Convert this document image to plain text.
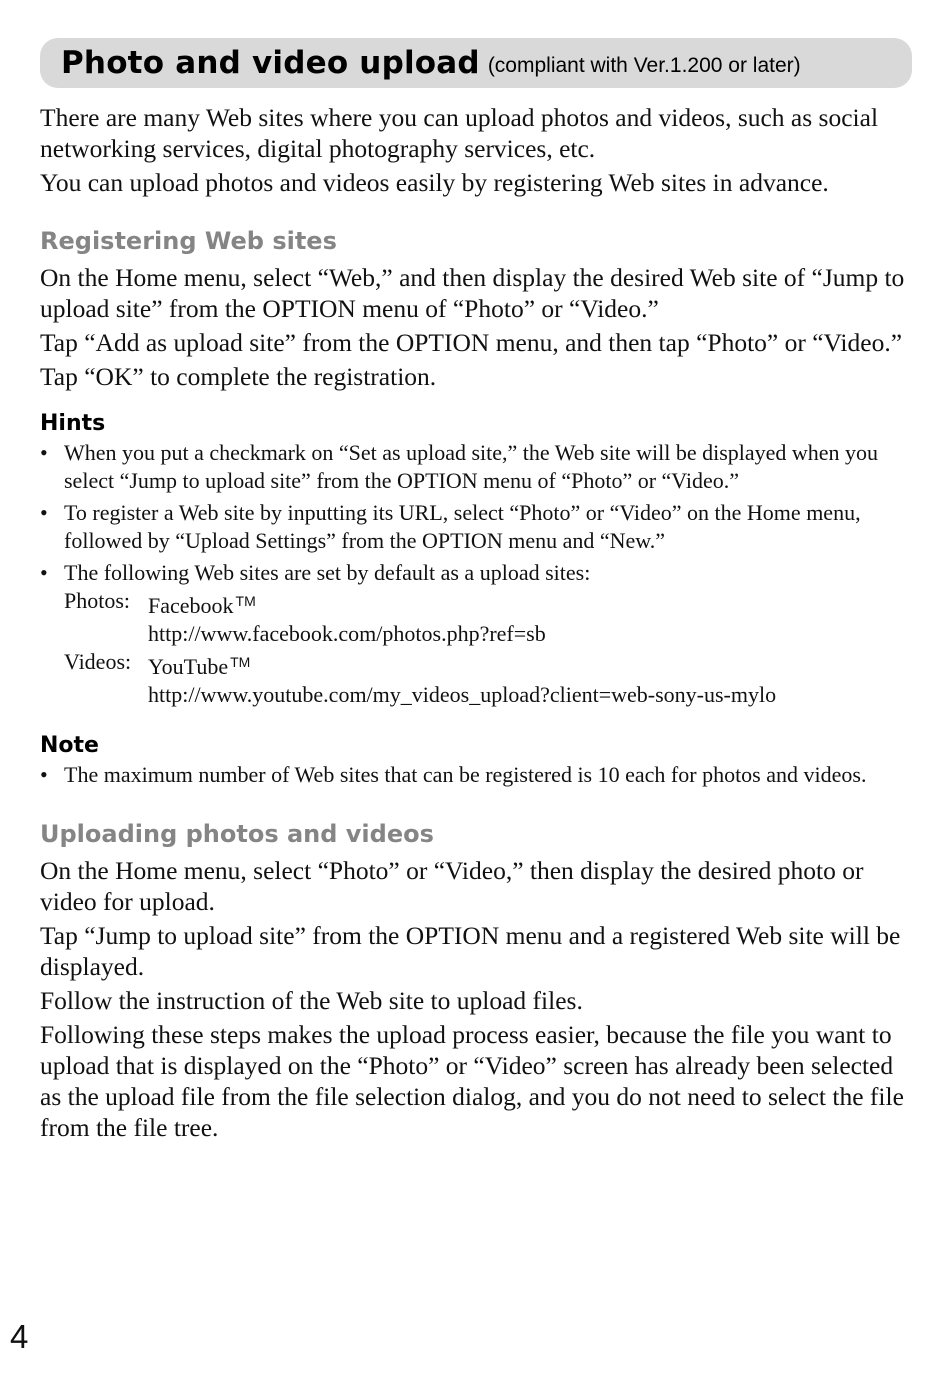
Photo and video upload (compliant with Ver.1.200 or later)

There are many Web sites where you can upload photos and videos, such as social networking services, digital photography services, etc.

You can upload photos and videos easily by registering Web sites in advance.

Registering Web sites

On the Home menu, select “Web,” and then display the desired Web site of “Jump to upload site” from the OPTION menu of “Photo” or “Video.”

Tap “Add as upload site” from the OPTION menu, and then tap “Photo” or “Video.”

Tap “OK” to complete the registration.

Hints
• When you put a checkmark on “Set as upload site,” the Web site will be displayed when you select “Jump to upload site” from the OPTION menu of “Photo” or “Video.”
• To register a Web site by inputting its URL, select “Photo” or “Video” on the Home menu, followed by “Upload Settings” from the OPTION menu and “New.”
• The following Web sites are set by default as a upload sites:
Photos: Facebook ™
http://www.facebook.com/photos.php?ref=sb
Videos: YouTube ™
http://www.youtube.com/my_videos_upload?client=web-sony-us-mylo
Note
• The maximum number of Web sites that can be registered is 10 each for photos and videos.
Uploading photos and videos

On the Home menu, select “Photo” or “Video,” then display the desired photo or video for upload.

Tap “Jump to upload site” from the OPTION menu and a registered Web site will be displayed.

Follow the instruction of the Web site to upload files.

Following these steps makes the upload process easier, because the file you want to upload that is displayed on the “Photo” or “Video” screen has already been selected as the upload file from the file selection dialog, and you do not need to select the file from the file tree.

4
